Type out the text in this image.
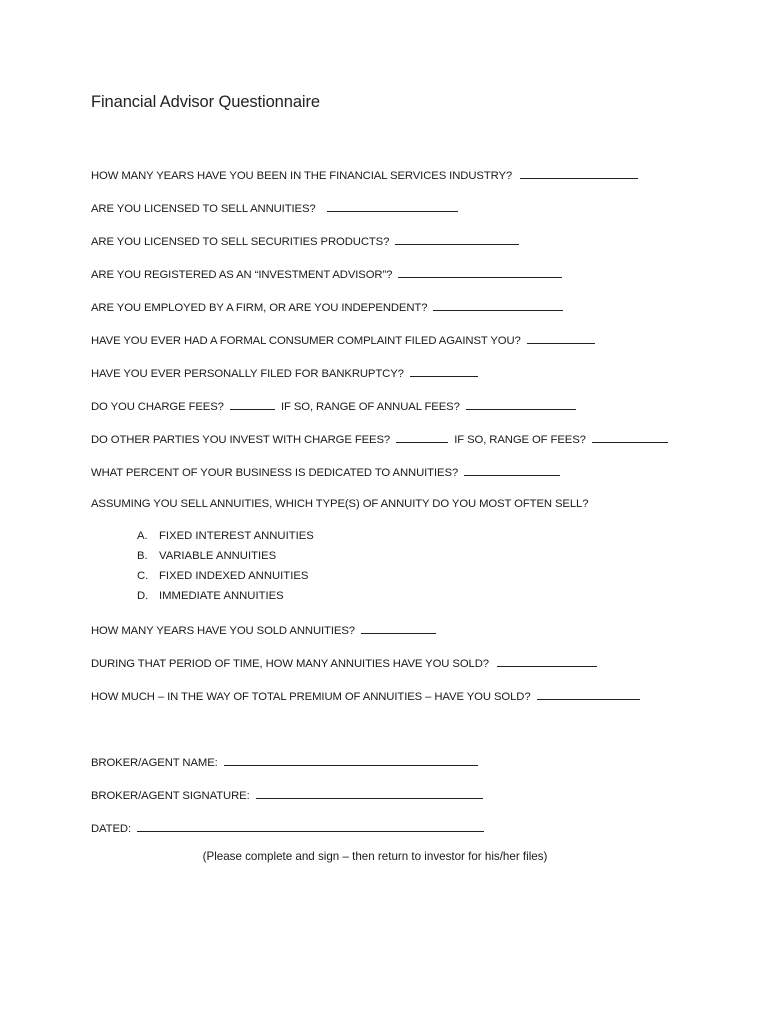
Financial Advisor Questionnaire
HOW MANY YEARS HAVE YOU BEEN IN THE FINANCIAL SERVICES INDUSTRY?
ARE YOU LICENSED TO SELL ANNUITIES?
ARE YOU LICENSED TO SELL SECURITIES PRODUCTS?
ARE YOU REGISTERED AS AN “INVESTMENT ADVISOR”?
ARE YOU EMPLOYED BY A FIRM, OR ARE YOU INDEPENDENT?
HAVE YOU EVER HAD A FORMAL CONSUMER COMPLAINT FILED AGAINST YOU?
HAVE YOU EVER PERSONALLY FILED FOR BANKRUPTCY?
DO YOU CHARGE FEES?	IF SO, RANGE OF ANNUAL FEES?
DO OTHER PARTIES YOU INVEST WITH CHARGE FEES?	IF SO, RANGE OF FEES?
WHAT PERCENT OF YOUR BUSINESS IS DEDICATED TO ANNUITIES?
ASSUMING YOU SELL ANNUITIES, WHICH TYPE(S) OF ANNUITY DO YOU MOST OFTEN SELL?
A. FIXED INTEREST ANNUITIES
B. VARIABLE ANNUITIES
C. FIXED INDEXED ANNUITIES
D. IMMEDIATE ANNUITIES
HOW MANY YEARS HAVE YOU SOLD ANNUITIES?
DURING THAT PERIOD OF TIME, HOW MANY ANNUITIES HAVE YOU SOLD?
HOW MUCH – IN THE WAY OF TOTAL PREMIUM OF ANNUITIES – HAVE YOU SOLD?
BROKER/AGENT NAME:
BROKER/AGENT SIGNATURE:
DATED:
(Please complete and sign – then return to investor for his/her files)
